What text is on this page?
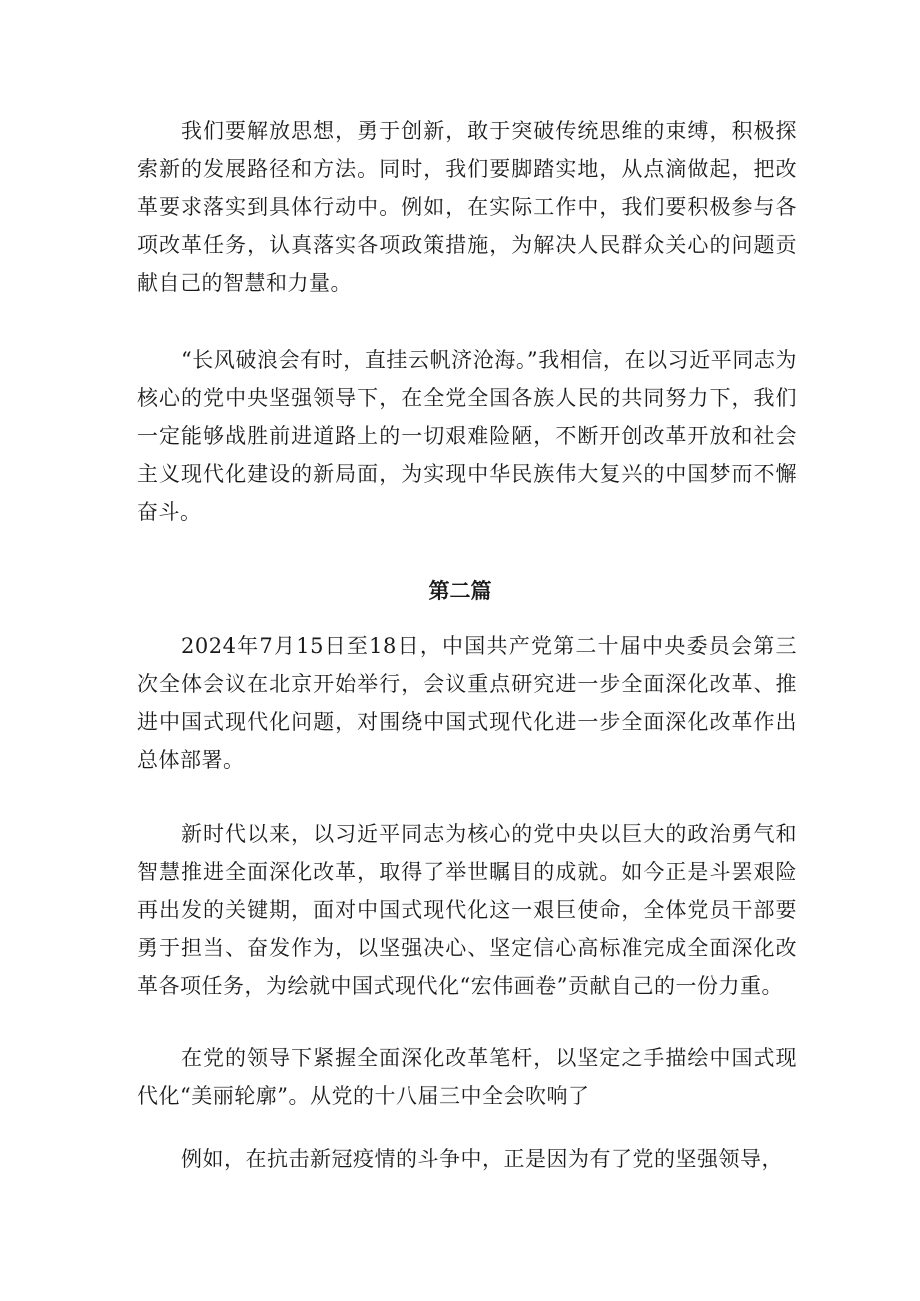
我们要解放思想，勇于创新，敢于突破传统思维的束缚，积极探索新的发展路径和方法。同时，我们要脚踏实地，从点滴做起，把改革要求落实到具体行动中。例如，在实际工作中，我们要积极参与各项改革任务，认真落实各项政策措施，为解决人民群众关心的问题贡献自己的智慧和力量。

“长风破浪会有时，直挂云帆济沧海。”我相信，在以习近平同志为核心的党中央坚强领导下，在全党全国各族人民的共同努力下，我们一定能够战胜前进道路上的一切艰难险陋，不断开创改革开放和社会主义现代化建设的新局面，为实现中华民族伟大复兴的中国梦而不懈奋斗。

第二篇

2024年7月15日至18日，中国共产党第二十届中央委员会第三次全体会议在北京开始举行，会议重点研究进一步全面深化改革、推进中国式现代化问题，对围绕中国式现代化进一步全面深化改革作出总体部署。

新时代以来，以习近平同志为核心的党中央以巨大的政治勇气和智慧推进全面深化改革，取得了举世瞩目的成就。如今正是斗罢艰险再出发的关键期，面对中国式现代化这一艰巨使命，全体党员干部要勇于担当、奋发作为，以坚强决心、坚定信心高标准完成全面深化改革各项任务，为绘就中国式现代化“宏伟画卷”贡献自己的一份力重。

在党的领导下紧握全面深化改革笔杆，以坚定之手描绘中国式现代化“美丽轮廓”。从党的十八届三中全会吹响了

例如，在抗击新冠疫情的斗争中，正是因为有了党的坚强领导，
